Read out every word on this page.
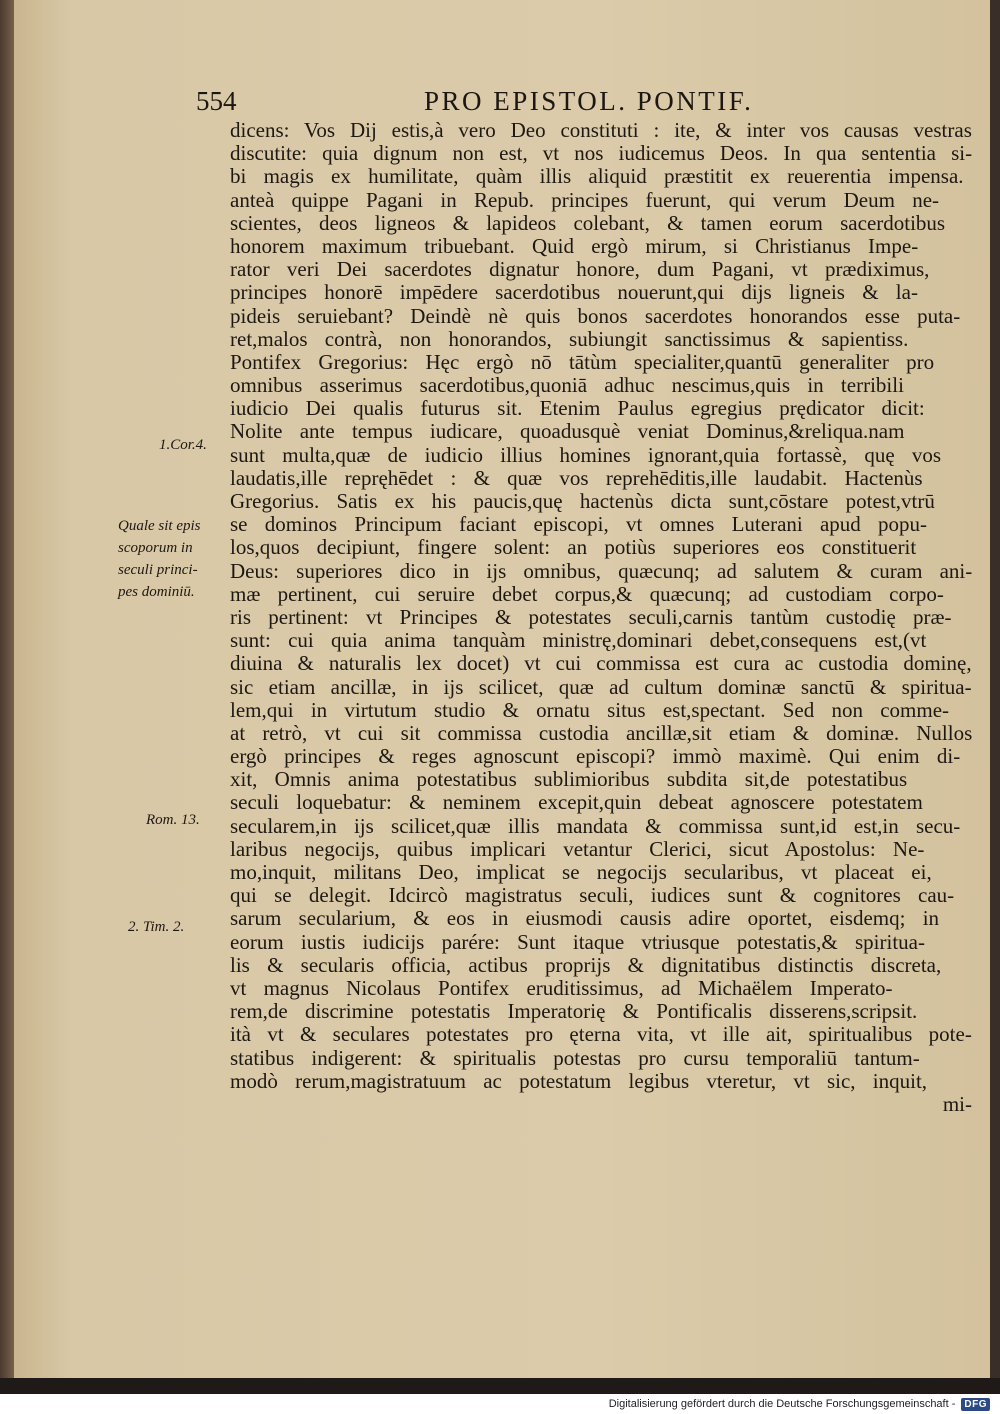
554	PRO EPISTOL. PONTIF.
dicens: Vos Dij estis,à vero Deo constituti : ite, & inter vos causas vestras
discutite: quia dignum non est, vt nos iudicemus Deos. In qua sententia si-
bi magis ex humilitate, quàm illis aliquid præstitit ex reuerentia impensa.
anteà quippe Pagani in Repub. principes fuerunt, qui verum Deum ne-
scientes, deos ligneos & lapideos colebant, & tamen eorum sacerdotibus
honorem maximum tribuebant. Quid ergò mirum, si Christianus Impe-
rator veri Dei sacerdotes dignatur honore, dum Pagani, vt prædiximus,
principes honorē impēdere sacerdotibus nouerunt,qui dijs ligneis & la-
pideis seruiebant? Deindè nè quis bonos sacerdotes honorandos esse puta-
ret,malos contrà, non honorandos, subiungit sanctissimus & sapientiss.
Pontifex Gregorius: Hęc ergò nō tātùm specialiter,quantū generaliter pro
omnibus asserimus sacerdotibus,quoniā adhuc nescimus,quis in terribili
iudicio Dei qualis futurus sit. Etenim Paulus egregius prędicator dicit:
Nolite ante tempus iudicare, quoadusquè veniat Dominus,&reliqua.nam
sunt multa,quæ de iudicio illius homines ignorant,quia fortassè, quę vos
laudatis,ille repręhēdet : & quæ vos reprehēditis,ille laudabit. Hactenùs
Gregorius. Satis ex his paucis,quę hactenùs dicta sunt,cōstare potest,vtrū
se dominos Principum faciant episcopi, vt omnes Luterani apud popu-
los,quos decipiunt, fingere solent: an potiùs superiores eos constituerit
Deus: superiores dico in ijs omnibus, quæcunq; ad salutem & curam ani-
mæ pertinent, cui seruire debet corpus,& quæcunq; ad custodiam corpo-
ris pertinent: vt Principes & potestates seculi,carnis tantùm custodię præ-
sunt: cui quia anima tanquàm ministrę,dominari debet,consequens est,(vt
diuina & naturalis lex docet) vt cui commissa est cura ac custodia dominę,
sic etiam ancillæ, in ijs scilicet, quæ ad cultum dominæ sanctū & spiritua-
lem,qui in virtutum studio & ornatu situs est,spectant. Sed non comme-
at retrò, vt cui sit commissa custodia ancillæ,sit etiam & dominæ. Nullos
ergò principes & reges agnoscunt episcopi? immò maximè. Qui enim di-
xit, Omnis anima potestatibus sublimioribus subdita sit,de potestatibus
seculi loquebatur: & neminem excepit,quin debeat agnoscere potestatem
secularem,in ijs scilicet,quæ illis mandata & commissa sunt,id est,in secu-
laribus negocijs, quibus implicari vetantur Clerici, sicut Apostolus: Ne-
mo,inquit, militans Deo, implicat se negocijs secularibus, vt placeat ei,
qui se delegit. Idcircò magistratus seculi, iudices sunt & cognitores cau-
sarum secularium, & eos in eiusmodi causis adire oportet, eisdemq; in
eorum iustis iudicijs parére: Sunt itaque vtriusque potestatis,& spiritua-
lis & secularis officia, actibus proprijs & dignitatibus distinctis discreta,
vt magnus Nicolaus Pontifex eruditissimus, ad Michaëlem Imperato-
rem,de discrimine potestatis Imperatorię & Pontificalis disserens,scripsit.
ità vt & seculares potestates pro ęterna vita, vt ille ait, spiritualibus pote-
statibus indigerent: & spiritualis potestas pro cursu temporaliū tantum-
modò rerum,magistratuum ac potestatum legibus vteretur, vt sic, inquit,
mi-
1.Cor.4.
Quale sit epis
scoporum in
seculi princi-
pes dominiū.
Rom. 13.
2. Tim. 2.
Digitalisierung gefördert durch die Deutsche Forschungsgemeinschaft - DFG
